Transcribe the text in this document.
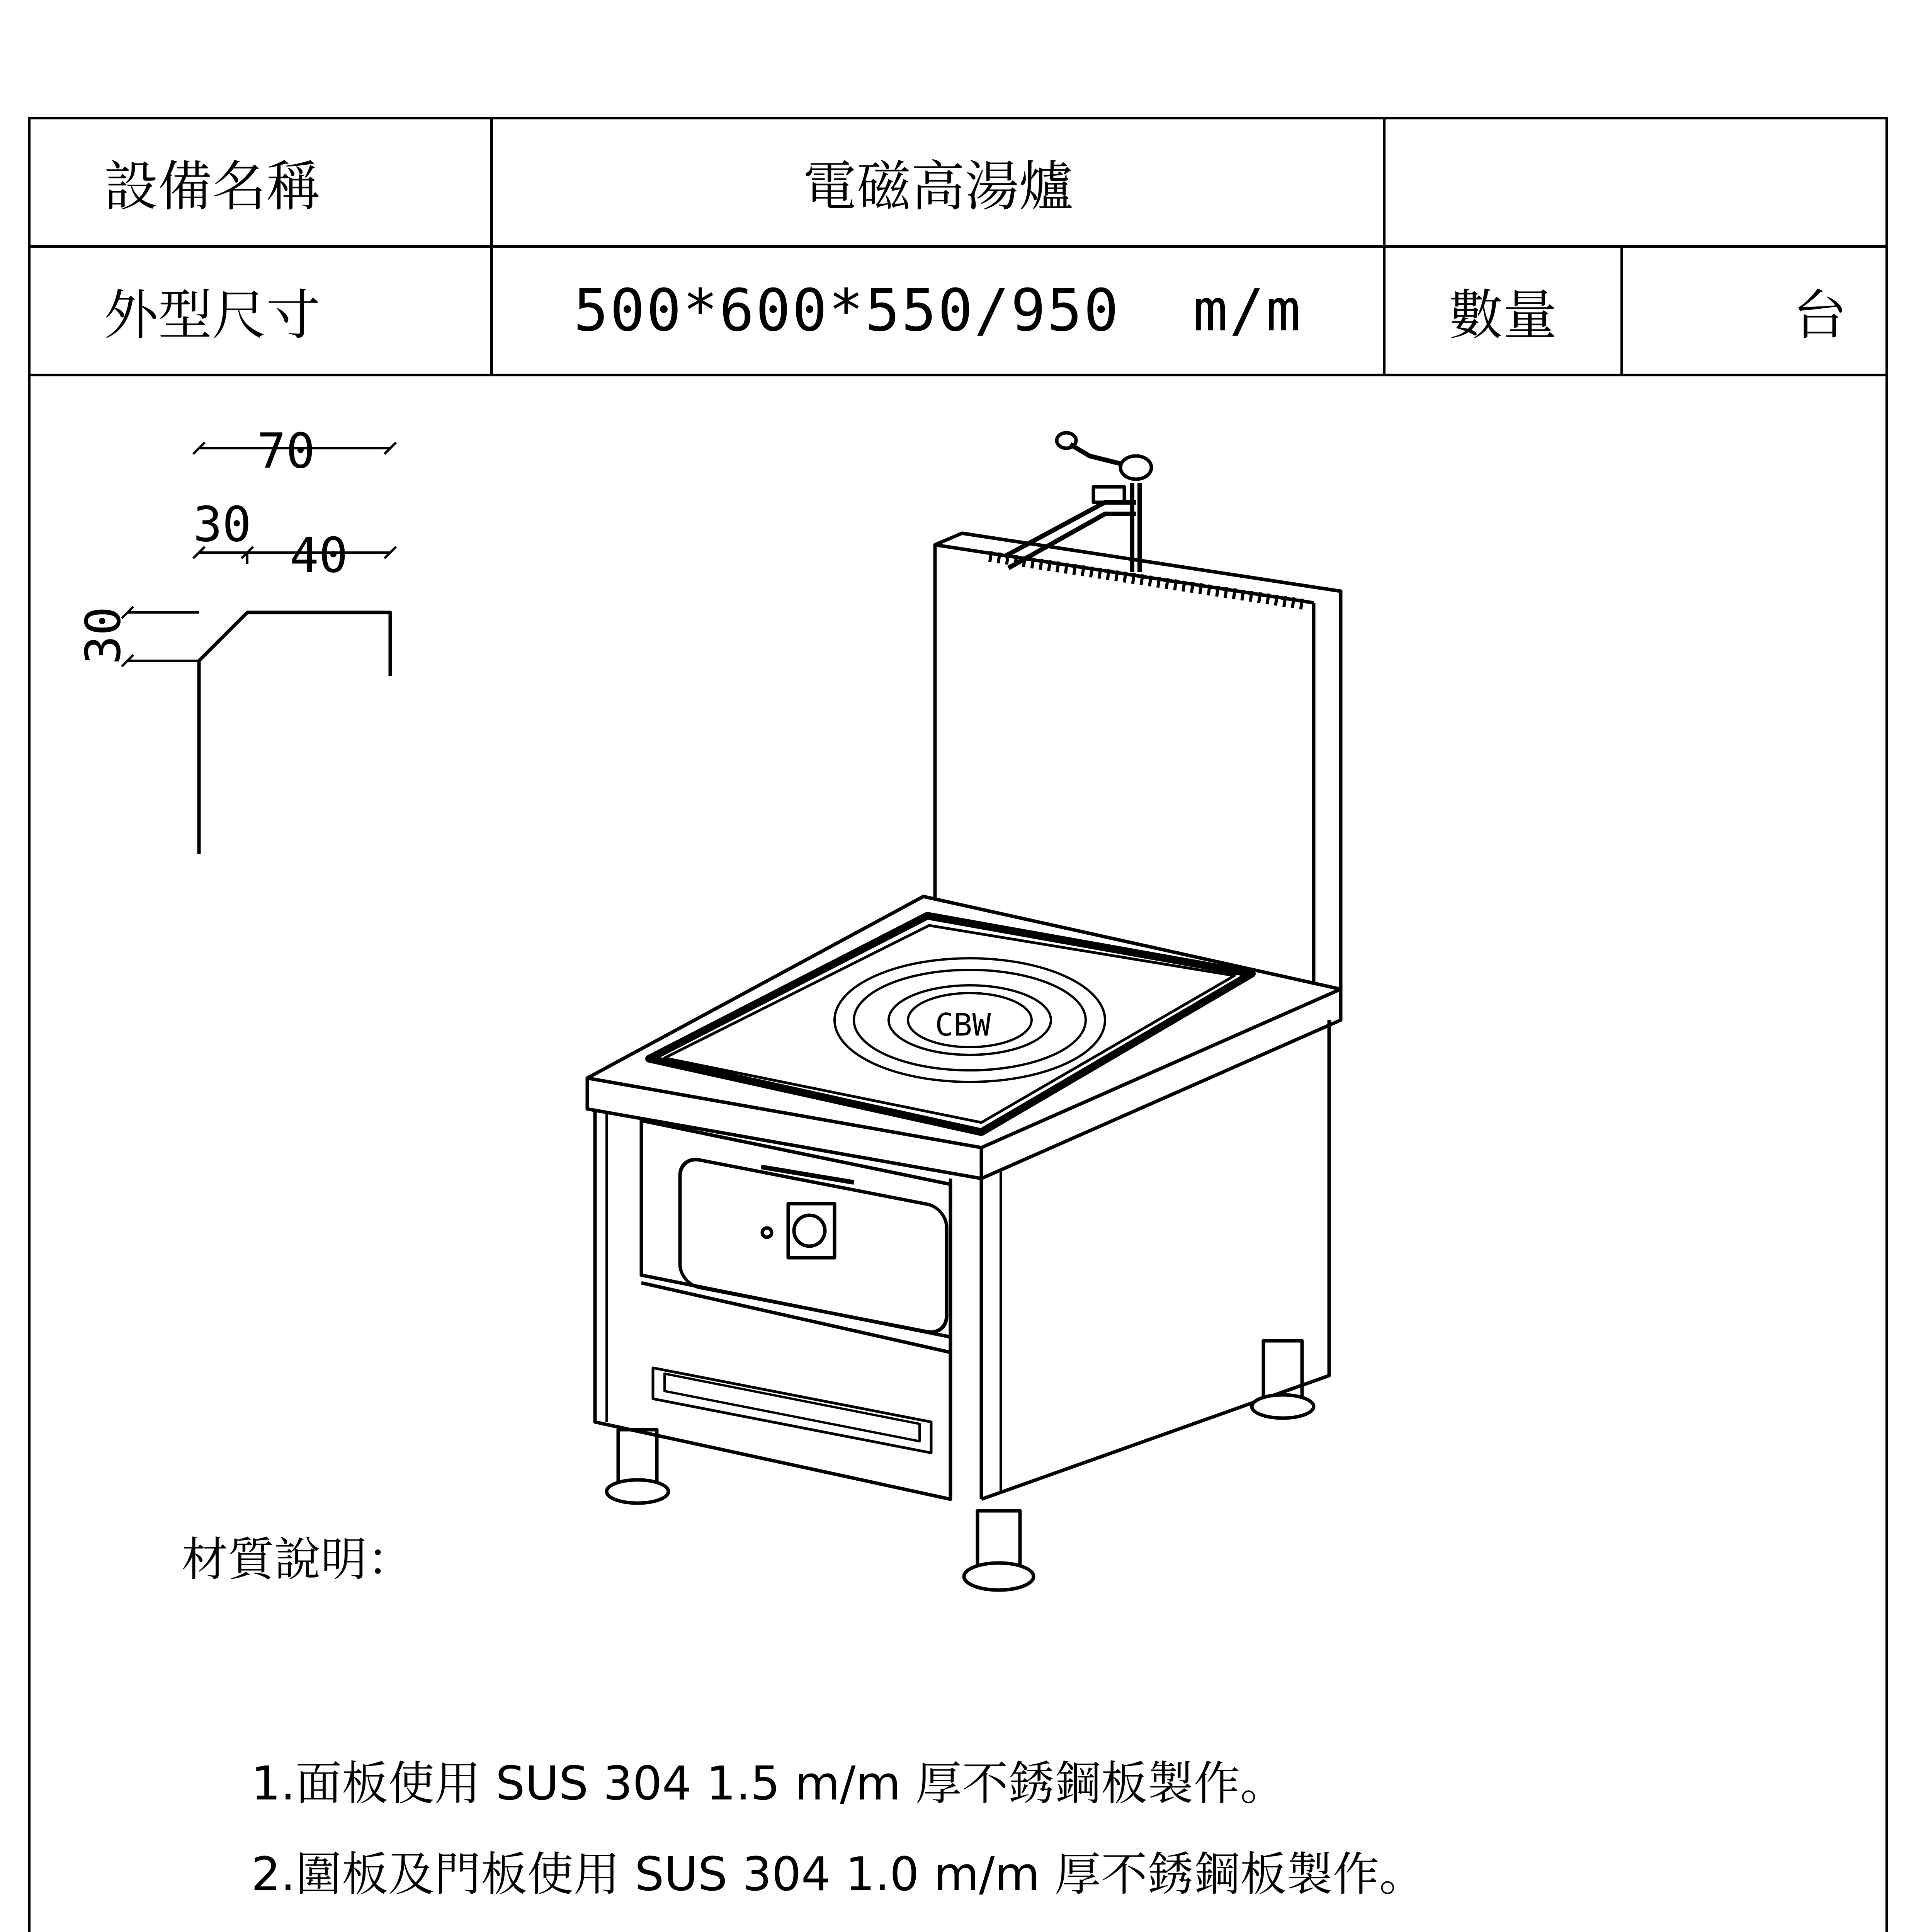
設備名稱	電磁高湯爐
外型尺寸	500*600*550/950  m/m	數量	台
CBW
70
30
40
30
材質說明：
1.面板使用 SUS 304 1.5 m/m 厚不銹鋼板製作。
2.圍板及門板使用 SUS 304 1.0 m/m 厚不銹鋼板製作。
